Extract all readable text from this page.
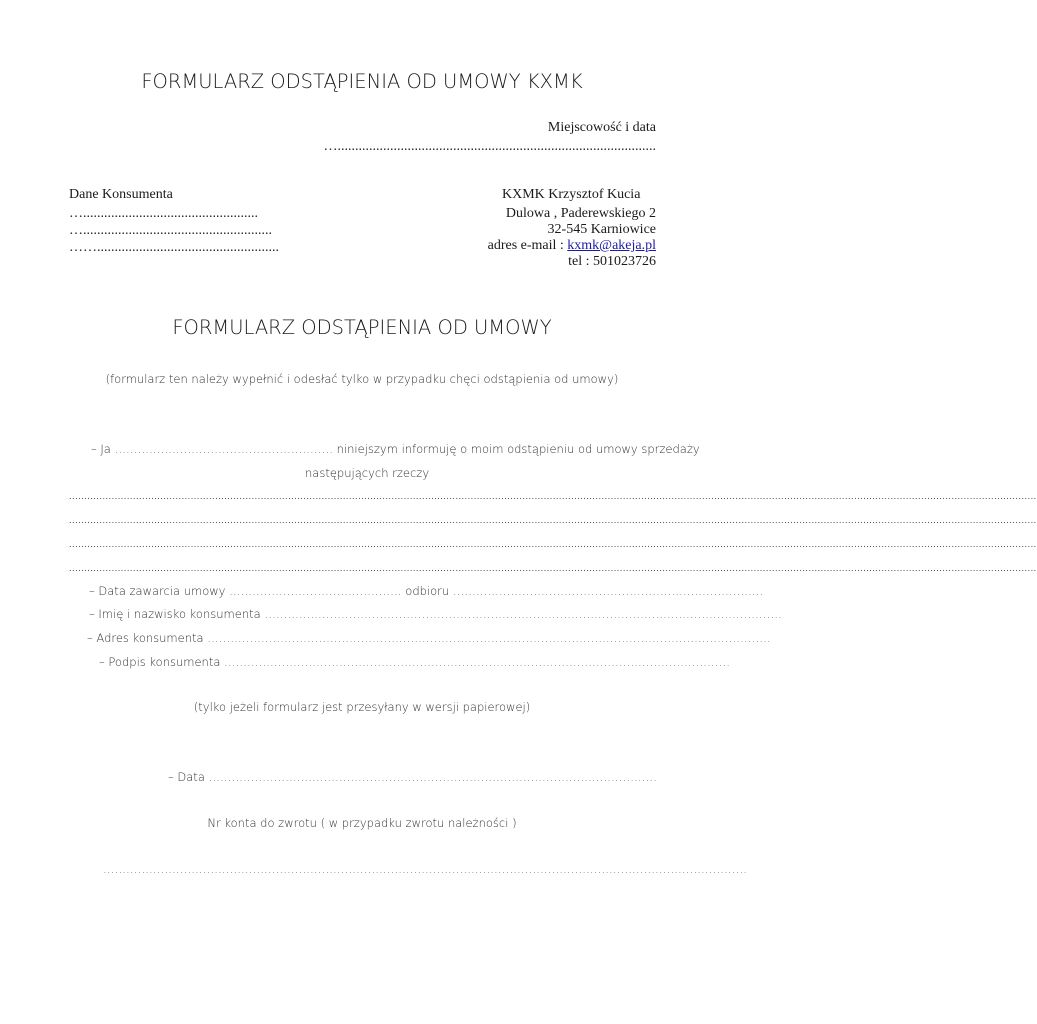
FORMULARZ ODSTĄPIENIA OD UMOWY KXMK
Miejscowość i data
…...........................................................................................
Dane Konsumenta
…..................................................
…......................................................
……....................................................
KXMK Krzysztof Kucia
Dulowa , Paderewskiego 2
32-545 Karniowice
adres e-mail : kxmk@akeja.pl
tel : 501023726
FORMULARZ ODSTĄPIENIA OD UMOWY
(formularz ten należy wypełnić i odesłać tylko w przypadku chęci odstąpienia od umowy)
– Ja ………………………………………………… niniejszym informuję o moim odstąpieniu od umowy sprzedaży
następujących rzeczy
..............................................................................................................................................................................................................................................................................................................................
..............................................................................................................................................................................................................................................................................................................................
..............................................................................................................................................................................................................................................................................................................................
..............................................................................................................................................................................................................................................................................................................................
– Data zawarcia umowy ……………………………………… odbioru ………………………………………………………………………
– Imię i nazwisko konsumenta ………………………………………………………………………………………………………………………
– Adres konsumenta …………………………………………………………………………………………………………………………………
– Podpis konsumenta ……………………………………………………………………………………………………………………
(tylko jeżeli formularz jest przesyłany w wersji papierowej)
– Data ………………………………………………………………………………………………………
Nr konta do zwrotu ( w przypadku zwrotu należności )
……………………………………………………………………………………………………………………………………………………
